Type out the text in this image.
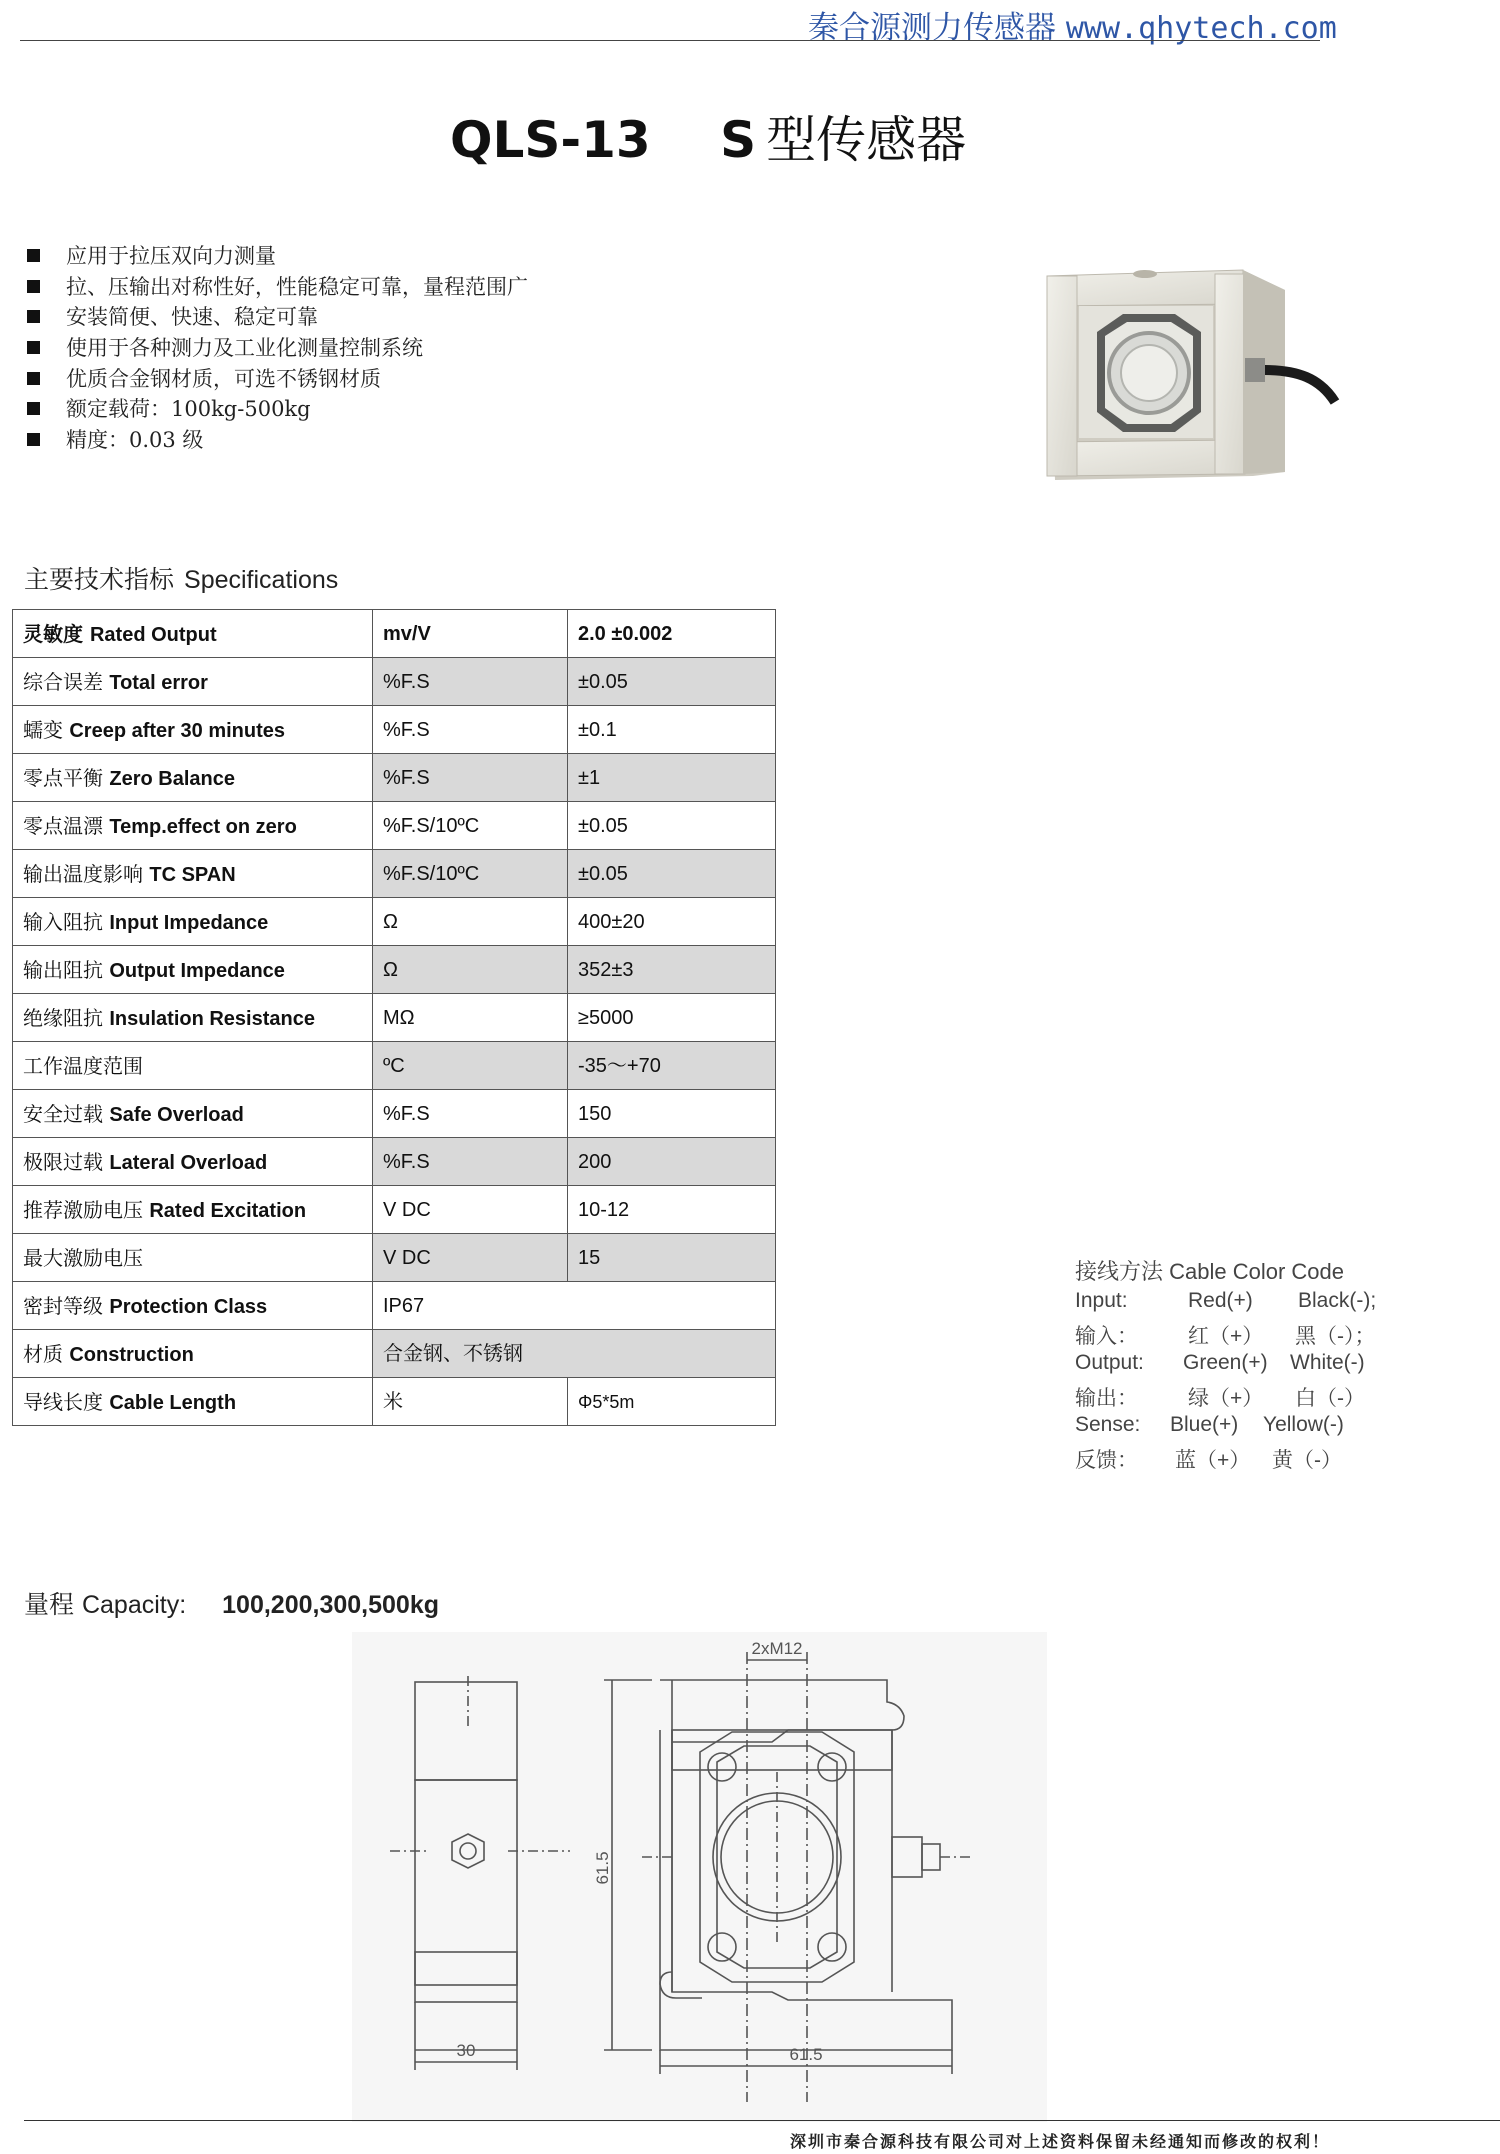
秦合源测力传感器 www.qhytech.com
QLS-13 S 型传感器
应用于拉压双向力测量
拉、压输出对称性好，性能稳定可靠，量程范围广
安装简便、快速、稳定可靠
使用于各种测力及工业化测量控制系统
优质合金钢材质，可选不锈钢材质
额定载荷：100kg-500kg
精度：0.03 级
主要技术指标 Specifications
灵敏度 Rated Output	mv/V	2.0 ±0.002
综合误差 Total error	%F.S	±0.05
蠕变 Creep after 30 minutes	%F.S	±0.1
零点平衡 Zero Balance	%F.S	±1
零点温漂 Temp.effect on zero	%F.S/10ºC	±0.05
输出温度影响 TC SPAN	%F.S/10ºC	±0.05
输入阻抗 Input Impedance	Ω	400±20
输出阻抗 Output Impedance	Ω	352±3
绝缘阻抗 Insulation Resistance	MΩ	≥5000
工作温度范围	ºC	-35～+70
安全过载 Safe Overload	%F.S	150
极限过载 Lateral Overload	%F.S	200
推荐激励电压 Rated Excitation	V DC	10-12
最大激励电压	V DC	15
密封等级 Protection Class	IP67	
材质 Construction	合金钢、不锈钢	
导线长度 Cable Length	米	Φ5*5m
接线方法 Cable Color Code
Input:	Red(+) Black(-);
输入： 红（+） 黑（-）；
Output: Green(+) White(-)
输出： 绿（+） 白（-）
Sense: Blue(+) Yellow(-)
反馈： 蓝（+） 黄（-）
量程 Capacity: 100,200,300,500kg
2xM12
61.5
30	61.5
深圳市秦合源科技有限公司对上述资料保留未经通知而修改的权利！
